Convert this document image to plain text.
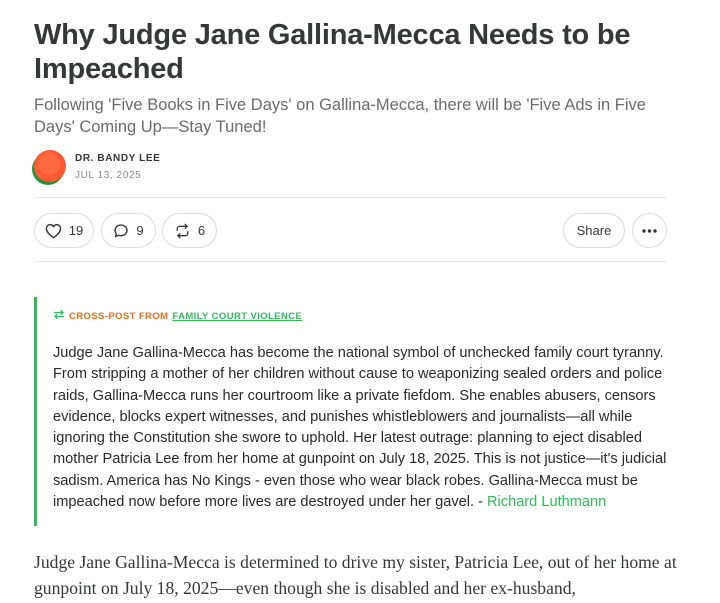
Why Judge Jane Gallina-Mecca Needs to be Impeached
Following 'Five Books in Five Days' on Gallina-Mecca, there will be 'Five Ads in Five Days' Coming Up—Stay Tuned!
DR. BANDY LEE
JUL 13, 2025
19	9	6	Share
CROSS-POST FROM FAMILY COURT VIOLENCE

Judge Jane Gallina-Mecca has become the national symbol of unchecked family court tyranny. From stripping a mother of her children without cause to weaponizing sealed orders and police raids, Gallina-Mecca runs her courtroom like a private fiefdom. She enables abusers, censors evidence, blocks expert witnesses, and punishes whistleblowers and journalists—all while ignoring the Constitution she swore to uphold. Her latest outrage: planning to eject disabled mother Patricia Lee from her home at gunpoint on July 18, 2025. This is not justice—it's judicial sadism. America has No Kings - even those who wear black robes. Gallina-Mecca must be impeached now before more lives are destroyed under her gavel. - Richard Luthmann

Judge Jane Gallina-Mecca is determined to drive my sister, Patricia Lee, out of her home at gunpoint on July 18, 2025—even though she is disabled and her ex-husband,
